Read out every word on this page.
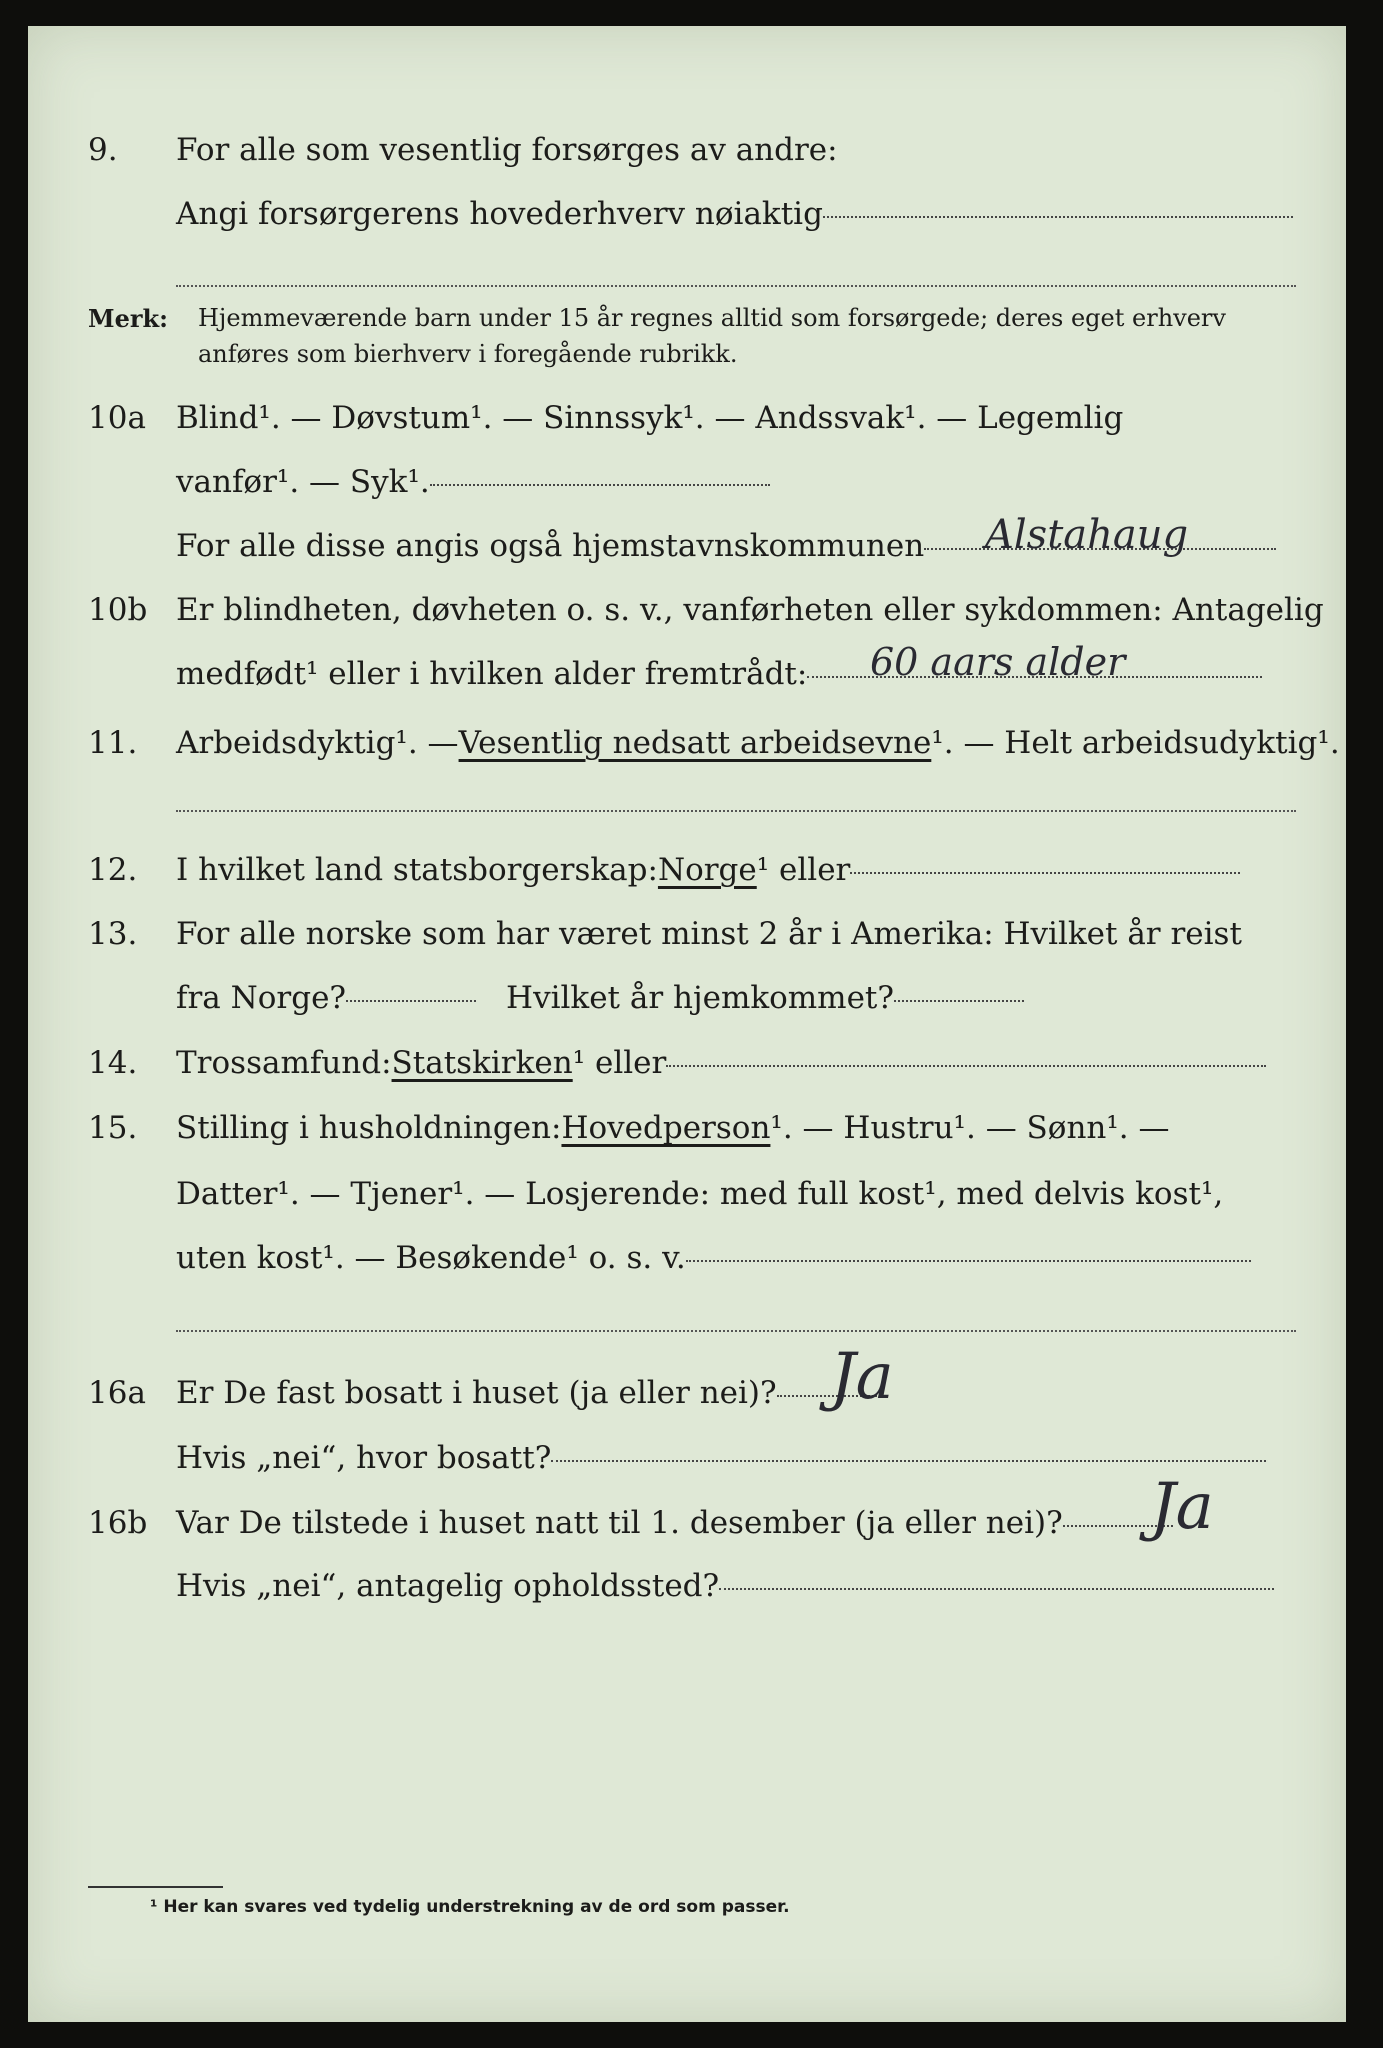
9. For alle som vesentlig forsørges av andre:
Angi forsørgerens hovederhverv nøiaktig
Merk: Hjemmeværende barn under 15 år regnes alltid som forsørgede; deres eget erhverv
anføres som bierhverv i foregående rubrikk.
10a Blind¹. — Døvstum¹. — Sinnssyk¹. — Andssvak¹. — Legemlig
vanfør¹. — Syk¹.
For alle disse angis også hjemstavnskommunen Alstahaug
10b Er blindheten, døvheten o. s. v., vanførheten eller sykdommen: Antagelig
medfødt¹ eller i hvilken alder fremtrådt: 60 aars alder
11. Arbeidsdyktig¹. — Vesentlig nedsatt arbeidsevne ¹. — Helt arbeidsudyktig¹.
12. I hvilket land statsborgerskap: Norge ¹ eller
13. For alle norske som har været minst 2 år i Amerika: Hvilket år reist
fra Norge?	Hvilket år hjemkommet?
14. Trossamfund: Statskirken ¹ eller
15. Stilling i husholdningen: Hovedperson ¹. — Hustru¹. — Sønn¹. —
Datter¹. — Tjener¹. — Losjerende: med full kost¹, med delvis kost¹,
uten kost¹. — Besøkende¹ o. s. v.
16a Er De fast bosatt i huset (ja eller nei)? Ja
Hvis „nei“, hvor bosatt?
16b Var De tilstede i huset natt til 1. desember (ja eller nei)? Ja
Hvis „nei“, antagelig opholdssted?
¹ Her kan svares ved tydelig understrekning av de ord som passer.
